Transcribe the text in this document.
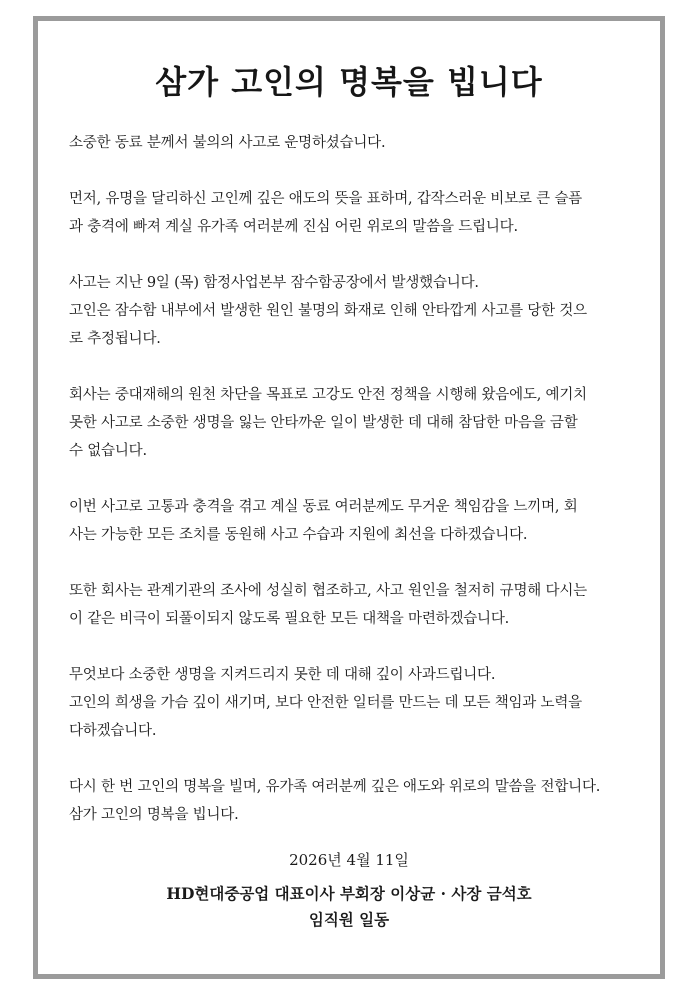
삼가 고인의 명복을 빕니다

소중한 동료 분께서 불의의 사고로 운명하셨습니다.

먼저, 유명을 달리하신 고인께 깊은 애도의 뜻을 표하며, 갑작스러운 비보로 큰 슬픔
과 충격에 빠져 계실 유가족 여러분께 진심 어린 위로의 말씀을 드립니다.

사고는 지난 9일 (목) 함정사업본부 잠수함공장에서 발생했습니다.
고인은 잠수함 내부에서 발생한 원인 불명의 화재로 인해 안타깝게 사고를 당한 것으
로 추정됩니다.

회사는 중대재해의 원천 차단을 목표로 고강도 안전 정책을 시행해 왔음에도, 예기치
못한 사고로 소중한 생명을 잃는 안타까운 일이 발생한 데 대해 참담한 마음을 금할
수 없습니다.

이번 사고로 고통과 충격을 겪고 계실 동료 여러분께도 무거운 책임감을 느끼며, 회
사는 가능한 모든 조치를 동원해 사고 수습과 지원에 최선을 다하겠습니다.

또한 회사는 관계기관의 조사에 성실히 협조하고, 사고 원인을 철저히 규명해 다시는
이 같은 비극이 되풀이되지 않도록 필요한 모든 대책을 마련하겠습니다.

무엇보다 소중한 생명을 지켜드리지 못한 데 대해 깊이 사과드립니다.
고인의 희생을 가슴 깊이 새기며, 보다 안전한 일터를 만드는 데 모든 책임과 노력을
다하겠습니다.

다시 한 번 고인의 명복을 빌며, 유가족 여러분께 깊은 애도와 위로의 말씀을 전합니다.
삼가 고인의 명복을 빕니다.

2026년 4월 11일
HD현대중공업 대표이사 부회장 이상균 · 사장 금석호
임직원 일동
